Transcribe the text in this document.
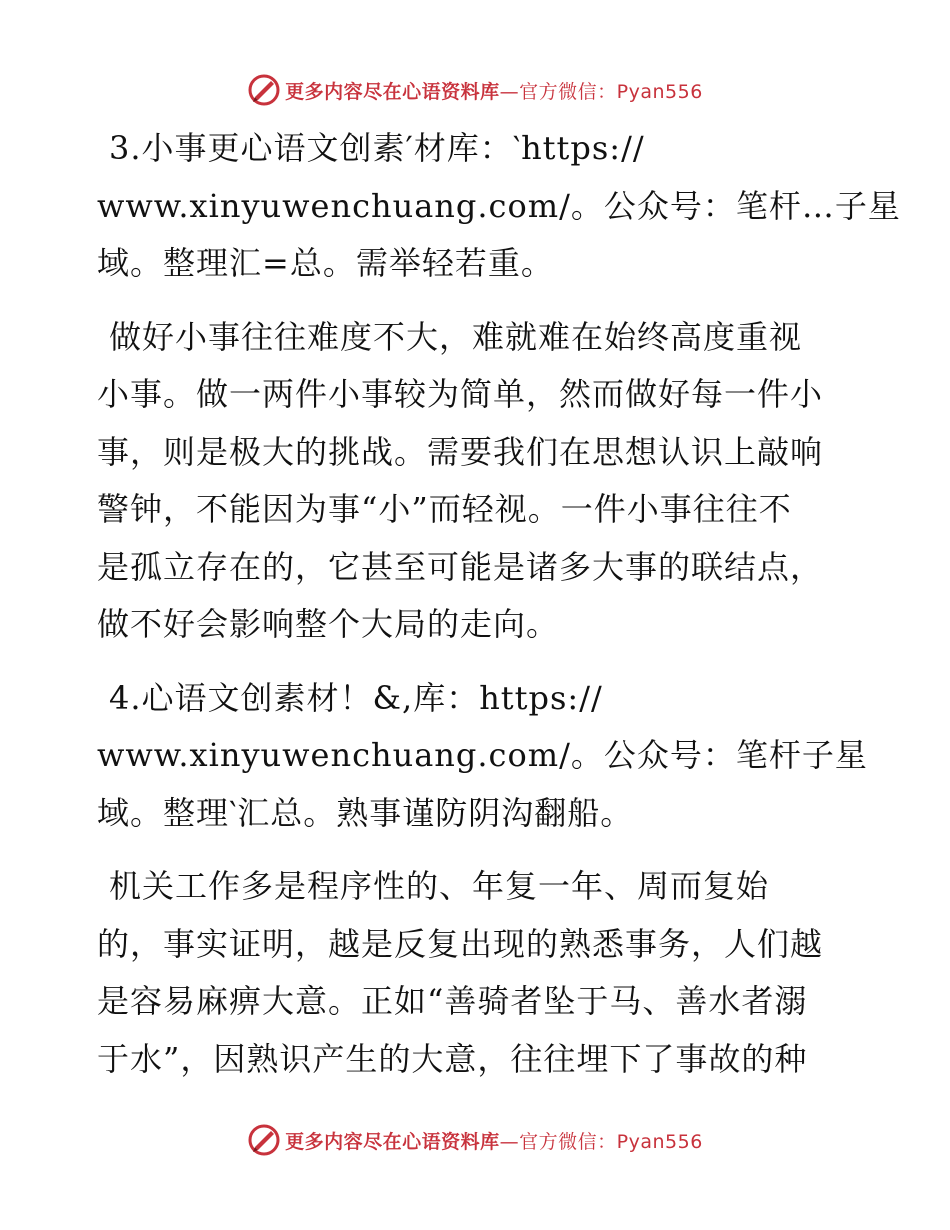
更多内容尽在心语资料库—官方微信：Pyan556

3.小事更心语文创素′材库：‵https://
www.xinyuwenchuang.com/。公众号：笔杆…子星
域。整理汇=总。需举轻若重。

做好小事往往难度不大，难就难在始终高度重视
小事。做一两件小事较为简单，然而做好每一件小
事，则是极大的挑战。需要我们在思想认识上敲响
警钟，不能因为事“小”而轻视。一件小事往往不
是孤立存在的，它甚至可能是诸多大事的联结点，
做不好会影响整个大局的走向。

4.心语文创素材！&,库：https://
www.xinyuwenchuang.com/。公众号：笔杆子星
域。整理‵汇总。熟事谨防阴沟翻船。

机关工作多是程序性的、年复一年、周而复始
的，事实证明，越是反复出现的熟悉事务，人们越
是容易麻痹大意。正如“善骑者坠于马、善水者溺
于水”，因熟识产生的大意，往往埋下了事故的种

更多内容尽在心语资料库—官方微信：Pyan556
